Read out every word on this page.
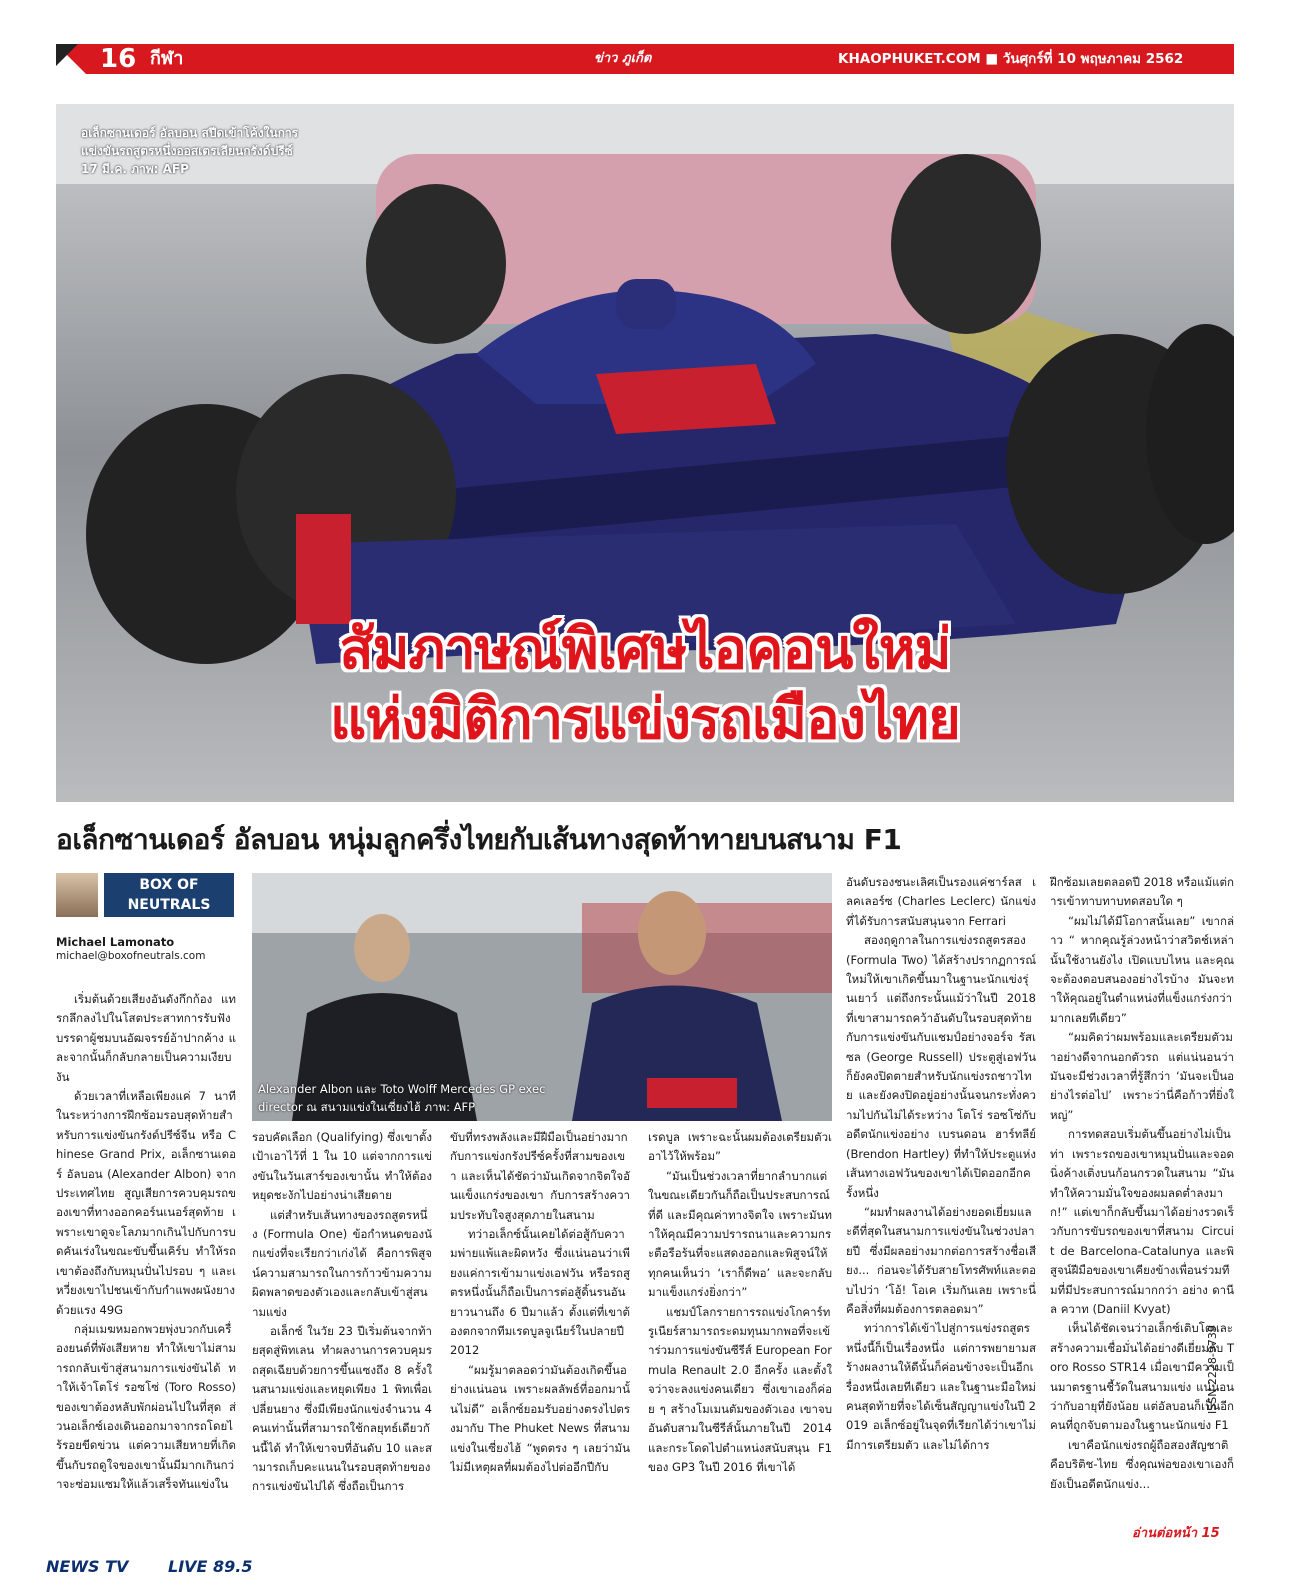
16 กีฬา	ข่าว ภูเก็ต	KHAOPHUKET.COM ■ วันศุกร์ที่ 10 พฤษภาคม 2562
อเล็กซานเดอร์ อัลบอน สปีดเข้าโค้งในการแข่งขันรถสูตรหนึ่งออสเตรเลียนกรังด์ปรีซ์ 17 มี.ค. ภาพ: AFP
สัมภาษณ์พิเศษไอคอนใหม่
แห่งมิติการแข่งรถเมืองไทย
อเล็กซานเดอร์ อัลบอน หนุ่มลูกครึ่งไทยกับเส้นทางสุดท้าทายบนสนาม F1
BOX OF
NEUTRALS
Michael Lamonato
michael@boxofneutrals.com
Alexander Albon และ Toto Wolff Mercedes GP exec director ณ สนามแข่งในเซี่ยงไฮ้ ภาพ: AFP

เริ่มต้นด้วยเสียงอันดังกึกก้อง แทรกลึกลงไปในโสตประสาทการรับฟัง บรรดาผู้ชมบนอัฒจรรย์อ้าปากค้าง และจากนั้นก็กลับกลายเป็นความเงียบงัน

ด้วยเวลาที่เหลือเพียงแค่ 7 นาที ในระหว่างการฝึกซ้อมรอบสุดท้ายสำหรับการแข่งขันกรังด์ปรีซ์จีน หรือ Chinese Grand Prix, อเล็กซานเดอร์ อัลบอน (Alexander Albon) จากประเทศไทย สูญเสียการควบคุมรถของเขาที่ทางออกคอร์นเนอร์สุดท้าย เพราะเขาดูจะโลภมากเกินไปกับการบดคันเร่งในขณะขับขึ้นเคิร์บ ทำให้รถเขาต้องถึงกับหมุนปั่นไปรอบ ๆ และเหวี่ยงเขาไปชนเข้ากับกำแพงผนังยางด้วยแรง 49G

กลุ่มเมฆหมอกพวยพุ่งบวกกับเครื่องยนต์ที่พังเสียหาย ทำให้เขาไม่สามารถกลับเข้าสู่สนามการแข่งขันได้ ทำให้เจ้าโตโร่ รอซโซ่ (Toro Rosso) ของเขาต้องหลับพักผ่อนไปในที่สุด ส่วนอเล็กซ์เองเดินออกมาจากรถโดยไร้รอยขีดข่วน แต่ความเสียหายที่เกิดขึ้นกับรถดูใจของเขานั้นมีมากเกินกว่าจะซ่อมแซมให้แล้วเสร็จทันแข่งใน

รอบคัดเลือก (Qualifying) ซึ่งเขาตั้งเป้าเอาไว้ที่ 1 ใน 10 แต่จากการแข่งขันในวันเสาร์ของเขานั้น ทำให้ต้องหยุดชะงักไปอย่างน่าเสียดาย

แต่สำหรับเส้นทางของรถสูตรหนึ่ง (Formula One) ข้อกำหนดของนักแข่งที่จะเรียกว่าเก่งได้ คือการพิสูจน์ความสามารถในการก้าวข้ามความผิดพลาดของตัวเองและกลับเข้าสู่สนามแข่ง

อเล็กซ์ ในวัย 23 ปีเริ่มต้นจากท้ายสุดสู่พิทเลน ทำผลงานการควบคุมรถสุดเฉียบด้วยการขึ้นแซงถึง 8 ครั้งในสนามแข่งและหยุดเพียง 1 พิทเพื่อเปลี่ยนยาง ซึ่งมีเพียงนักแข่งจำนวน 4 คนเท่านั้นที่สามารถใช้กลยุทธ์เดียวกันนี้ได้ ทำให้เขาจบที่อันดับ 10 และสามารถเก็บคะแนนในรอบสุดท้ายของการแข่งขันไปได้ ซึ่งถือเป็นการ

ขับที่ทรงพลังและมีฝีมือเป็นอย่างมาก กับการแข่งกรังปรีซ์ครั้งที่สามของเขา และเห็นได้ชัดว่ามันเกิดจากจิตใจอันแข็งแกร่งของเขา กับการสร้างความประทับใจสูงสุดภายในสนาม

ทว่าอเล็กซ์นั้นเคยได้ต่อสู้กับความพ่ายแพ้และผิดหวัง ซึ่งแน่นอนว่าเพียงแค่การเข้ามาแข่งเอฟวัน หรือรถสูตรหนึ่งนั้นก็ถือเป็นการต่อสู้ดิ้นรนอันยาวนานถึง 6 ปีมาแล้ว ตั้งแต่ที่เขาต้องตกจากทีมเรดบูลจูเนียร์ในปลายปี 2012

“ผมรู้มาตลอดว่ามันต้องเกิดขึ้นอย่างแน่นอน เพราะผลลัพธ์ที่ออกมานั้นไม่ดี” อเล็กซ์ยอมรับอย่างตรงไปตรงมากับ The Phuket News ที่สนามแข่งในเซี่ยงไฮ้ “พูดตรง ๆ เลยว่ามันไม่มีเหตุผลที่ผมต้องไปต่ออีกปีกับ

เรดบูล เพราะฉะนั้นผมต้องเตรียมตัวเอาไว้ให้พร้อม”

“มันเป็นช่วงเวลาที่ยากลำบากแต่ในขณะเดียวกันก็ถือเป็นประสบการณ์ที่ดี และมีคุณค่าทางจิตใจ เพราะมันทำให้คุณมีความปรารถนาและความกระตือรือร้นที่จะแสดงออกและพิสูจน์ให้ทุกคนเห็นว่า ‘เราก็ดีพอ’ และจะกลับมาแข็งแกร่งยิ่งกว่า”

แชมป์โลกรายการรถแข่งโกคาร์ทรูเนียร์สามารถระดมทุนมากพอที่จะเข้าร่วมการแข่งขันซีรีส์ European Formula Renault 2.0 อีกครั้ง และตั้งใจว่าจะลงแข่งคนเดียว ซึ่งเขาเองก็ค่อย ๆ สร้างโมเมนตัมของตัวเอง เขาจบอันดับสามในซีรีส์นั้นภายในปี 2014 และกระโดดไปตำแหน่งสนับสนุน F1 ของ GP3 ในปี 2016 ที่เขาได้

อันดับรองชนะเลิศเป็นรองแค่ชาร์ลส เลคเลอร์ซ (Charles Leclerc) นักแข่งที่ได้รับการสนับสนุนจาก Ferrari

สองฤดูกาลในการแข่งรถสูตรสอง (Formula Two) ได้สร้างปรากฏการณ์ใหม่ให้เขาเกิดขึ้นมาในฐานะนักแข่งรุ่นเยาว์ แต่ถึงกระนั้นแม้ว่าในปี 2018 ที่เขาสามารถคว้าอันดับในรอบสุดท้ายกับการแข่งขันกับแชมป์อย่างจอร์จ รัสเซล (George Russell) ประตูสู่เอฟวันก็ยังคงปิดตายสำหรับนักแข่งรถชาวไทย และยังคงปิดอยู่อย่างนั้นจนกระทั่งความไปกันไม่ได้ระหว่าง โตโร่ รอซโซ่กับอดีตนักแข่งอย่าง เบรนดอน ฮาร์ทลีย์ (Brendon Hartley) ที่ทำให้ประตูแห่งเส้นทางเอฟวันของเขาได้เปิดออกอีกครั้งหนึ่ง

“ผมทำผลงานได้อย่างยอดเยี่ยมและดีที่สุดในสนามการแข่งขันในช่วงปลายปี ซึ่งมีผลอย่างมากต่อการสร้างชื่อเสียง... ก่อนจะได้รับสายโทรศัพท์และตอบไปว่า ‘โอ้! โอเค เริ่มกันเลย เพราะนี่คือสิ่งที่ผมต้องการตลอดมา”

ทว่าการได้เข้าไปสู่การแข่งรถสูตรหนึ่งนี้ก็เป็นเรื่องหนึ่ง แต่การพยายามสร้างผลงานให้ดีนั้นก็ค่อนข้างจะเป็นอีกเรื่องหนึ่งเลยทีเดียว และในฐานะมือใหม่คนสุดท้ายที่จะได้เซ็นสัญญาแข่งในปี 2019 อเล็กซ์อยู่ในจุดที่เรียกได้ว่าเขาไม่มีการเตรียมตัว และไม่ได้การ

ฝึกซ้อมเลยตลอดปี 2018 หรือแม้แต่การเข้าทาบทาบทดสอบใด ๆ

“ผมไม่ได้มีโอกาสนั้นเลย” เขากล่าว “ หากคุณรู้ล่วงหน้าว่าสวิตช์เหล่านั้นใช้งานยังไง เปิดแบบไหน และคุณจะต้องตอบสนองอย่างไรบ้าง มันจะทำให้คุณอยู่ในตำแหน่งที่แข็งแกร่งกว่ามากเลยทีเดียว”

“ผมคิดว่าผมพร้อมและเตรียมตัวมาอย่างดีจากนอกตัวรถ แต่แน่นอนว่ามันจะมีช่วงเวลาที่รู้สึกว่า ‘มันจะเป็นอย่างไรต่อไป’ เพราะว่านี่คือก้าวที่ยิ่งใหญ่”

การทดสอบเริ่มต้นขึ้นอย่างไม่เป็นท่า เพราะรถของเขาหมุนปั่นและจอดนิ่งค้างเติ่งบนก้อนกรวดในสนาม “มันทำให้ความมั่นใจของผมลดต่ำลงมาก!” แต่เขาก็กลับขึ้นมาได้อย่างรวดเร็วกับการขับรถของเขาที่สนาม Circuit de Barcelona-Catalunya และพิสูจน์ฝีมือของเขาเคียงข้างเพื่อนร่วมทีมที่มีประสบการณ์มากกว่า อย่าง ดานีล ควาท (Daniil Kvyat)

เห็นได้ชัดเจนว่าอเล็กซ์เติบโตและสร้างความเชื่อมั่นได้อย่างดีเยี่ยมกับ Toro Rosso STR14 เมื่อเขามีความเป็นมาตรฐานชี้วัดในสนามแข่ง แน่นอนว่ากับอายุที่ยังน้อย แต่อัลบอนก็เป็นอีกคนที่ถูกจับตามองในฐานะนักแข่ง F1

เขาคือนักแข่งรถผู้ถือสองสัญชาติคือบริติช-ไทย ซึ่งคุณพ่อของเขาเองก็ยังเป็นอดีตนักแข่ง...

อ่านต่อหน้า 15
ISSN 2228-9739
NEWS TV LIVE 89.5
